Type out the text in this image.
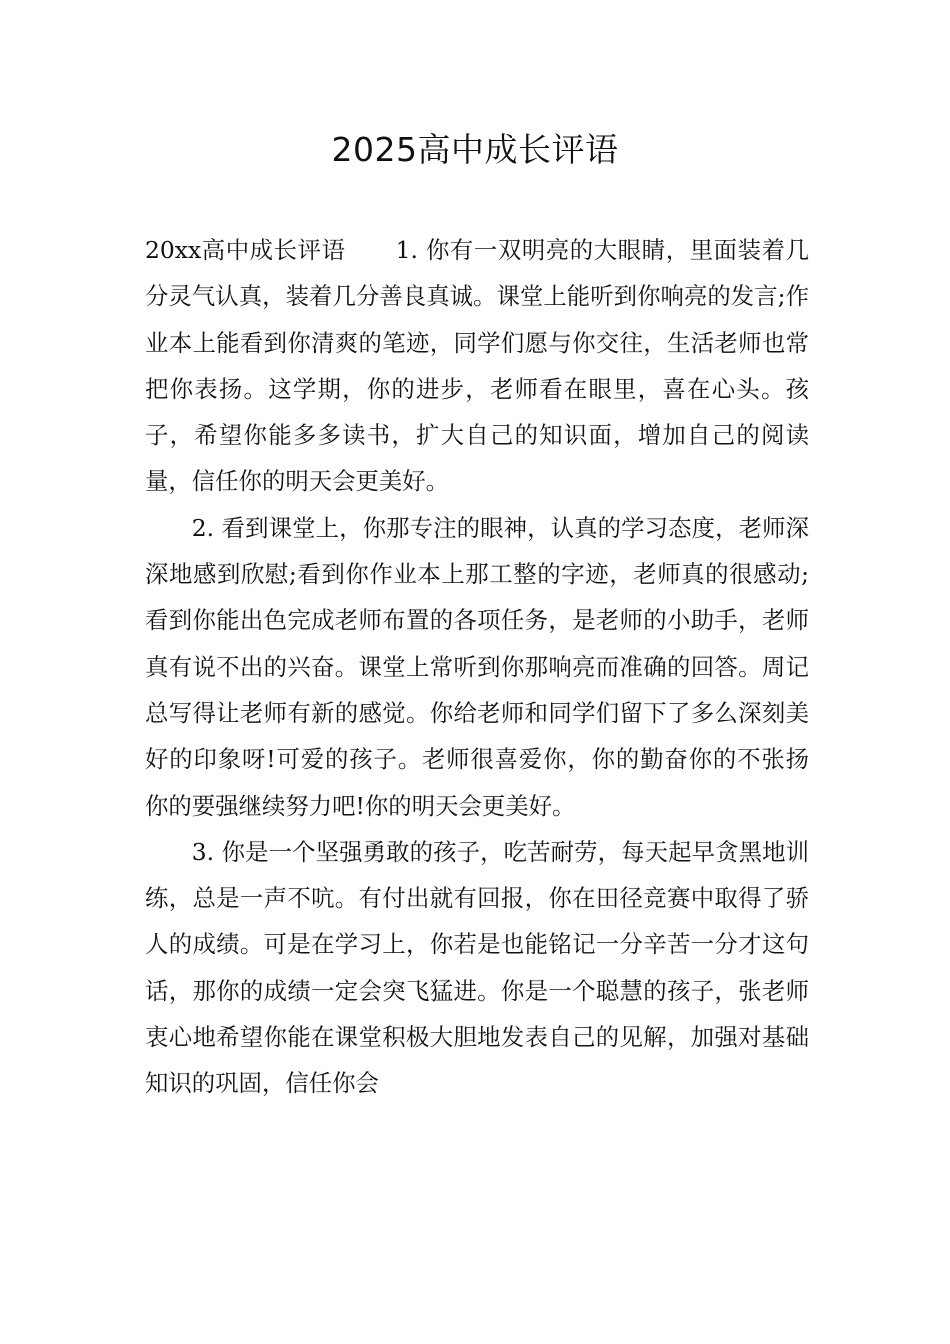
2025高中成长评语

20xx高中成长评语 1. 你有一双明亮的大眼睛，里面装着几分灵气认真，装着几分善良真诚。课堂上能听到你响亮的发言;作业本上能看到你清爽的笔迹，同学们愿与你交往，生活老师也常把你表扬。这学期，你的进步，老师看在眼里，喜在心头。孩子，希望你能多多读书，扩大自己的知识面，增加自己的阅读量，信任你的明天会更美好。

2. 看到课堂上，你那专注的眼神，认真的学习态度，老师深深地感到欣慰;看到你作业本上那工整的字迹，老师真的很感动;看到你能出色完成老师布置的各项任务，是老师的小助手，老师真有说不出的兴奋。课堂上常听到你那响亮而准确的回答。周记总写得让老师有新的感觉。你给老师和同学们留下了多么深刻美好的印象呀!可爱的孩子。老师很喜爱你，你的勤奋你的不张扬你的要强继续努力吧!你的明天会更美好。

3. 你是一个坚强勇敢的孩子，吃苦耐劳，每天起早贪黑地训练，总是一声不吭。有付出就有回报，你在田径竞赛中取得了骄人的成绩。可是在学习上，你若是也能铭记一分辛苦一分才这句话，那你的成绩一定会突飞猛进。你是一个聪慧的孩子，张老师衷心地希望你能在课堂积极大胆地发表自己的见解，加强对基础知识的巩固，信任你会
